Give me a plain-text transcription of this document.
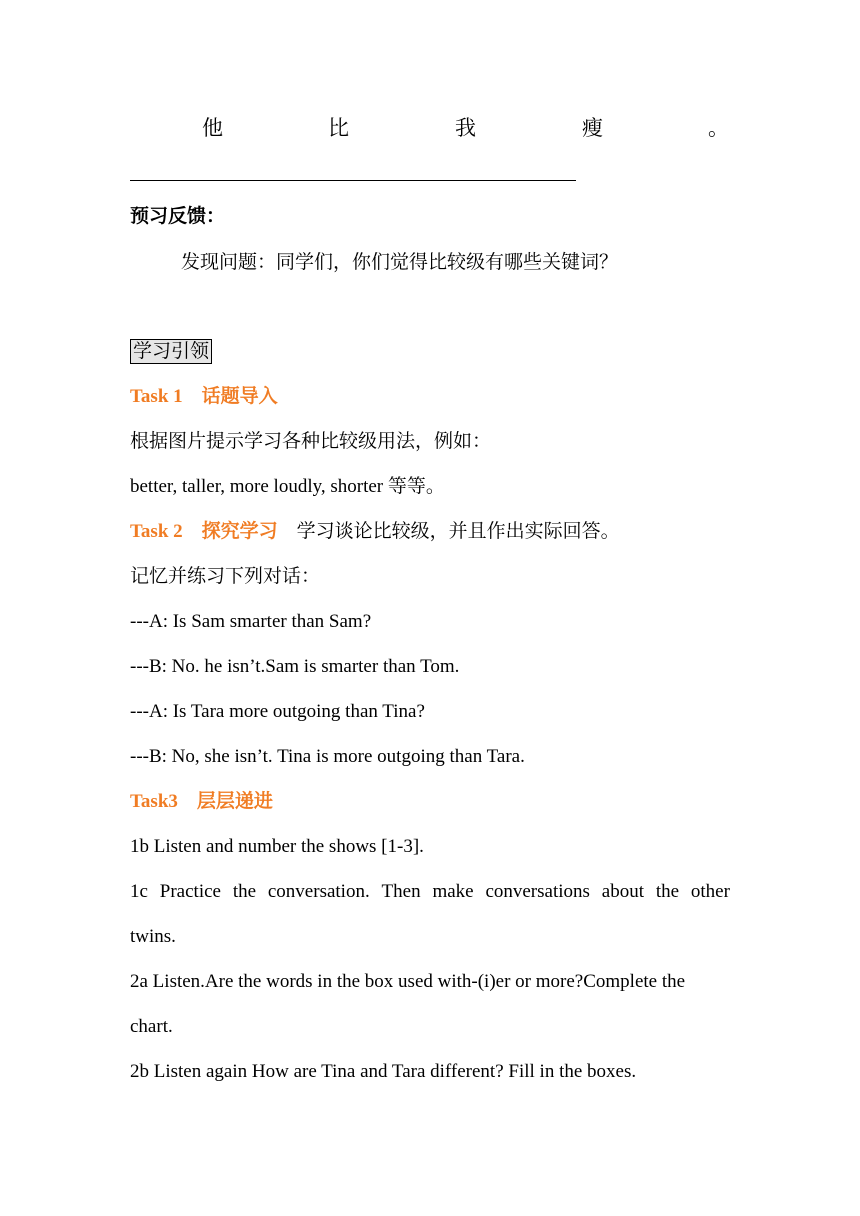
他	比	我	瘦	。
预习反馈：
发现问题：同学们，你们觉得比较级有哪些关键词？
学习引领
Task 1　话题导入
根据图片提示学习各种比较级用法，例如：
better, taller, more loudly, shorter 等等。
Task 2　探究学习　学习谈论比较级，并且作出实际回答。
记忆并练习下列对话：
---A: Is Sam smarter than Sam?
---B: No. he isn’t.Sam is smarter than Tom.
---A: Is Tara more outgoing than Tina?
---B: No, she isn’t. Tina is more outgoing than Tara.
Task3　层层递进
1b Listen and number the shows [1-3].
1c Practice the conversation. Then make conversations about the other
twins.
2a Listen.Are the words in the box used with-(i)er or more?Complete the
chart.
2b Listen again How are Tina and Tara different? Fill in the boxes.
